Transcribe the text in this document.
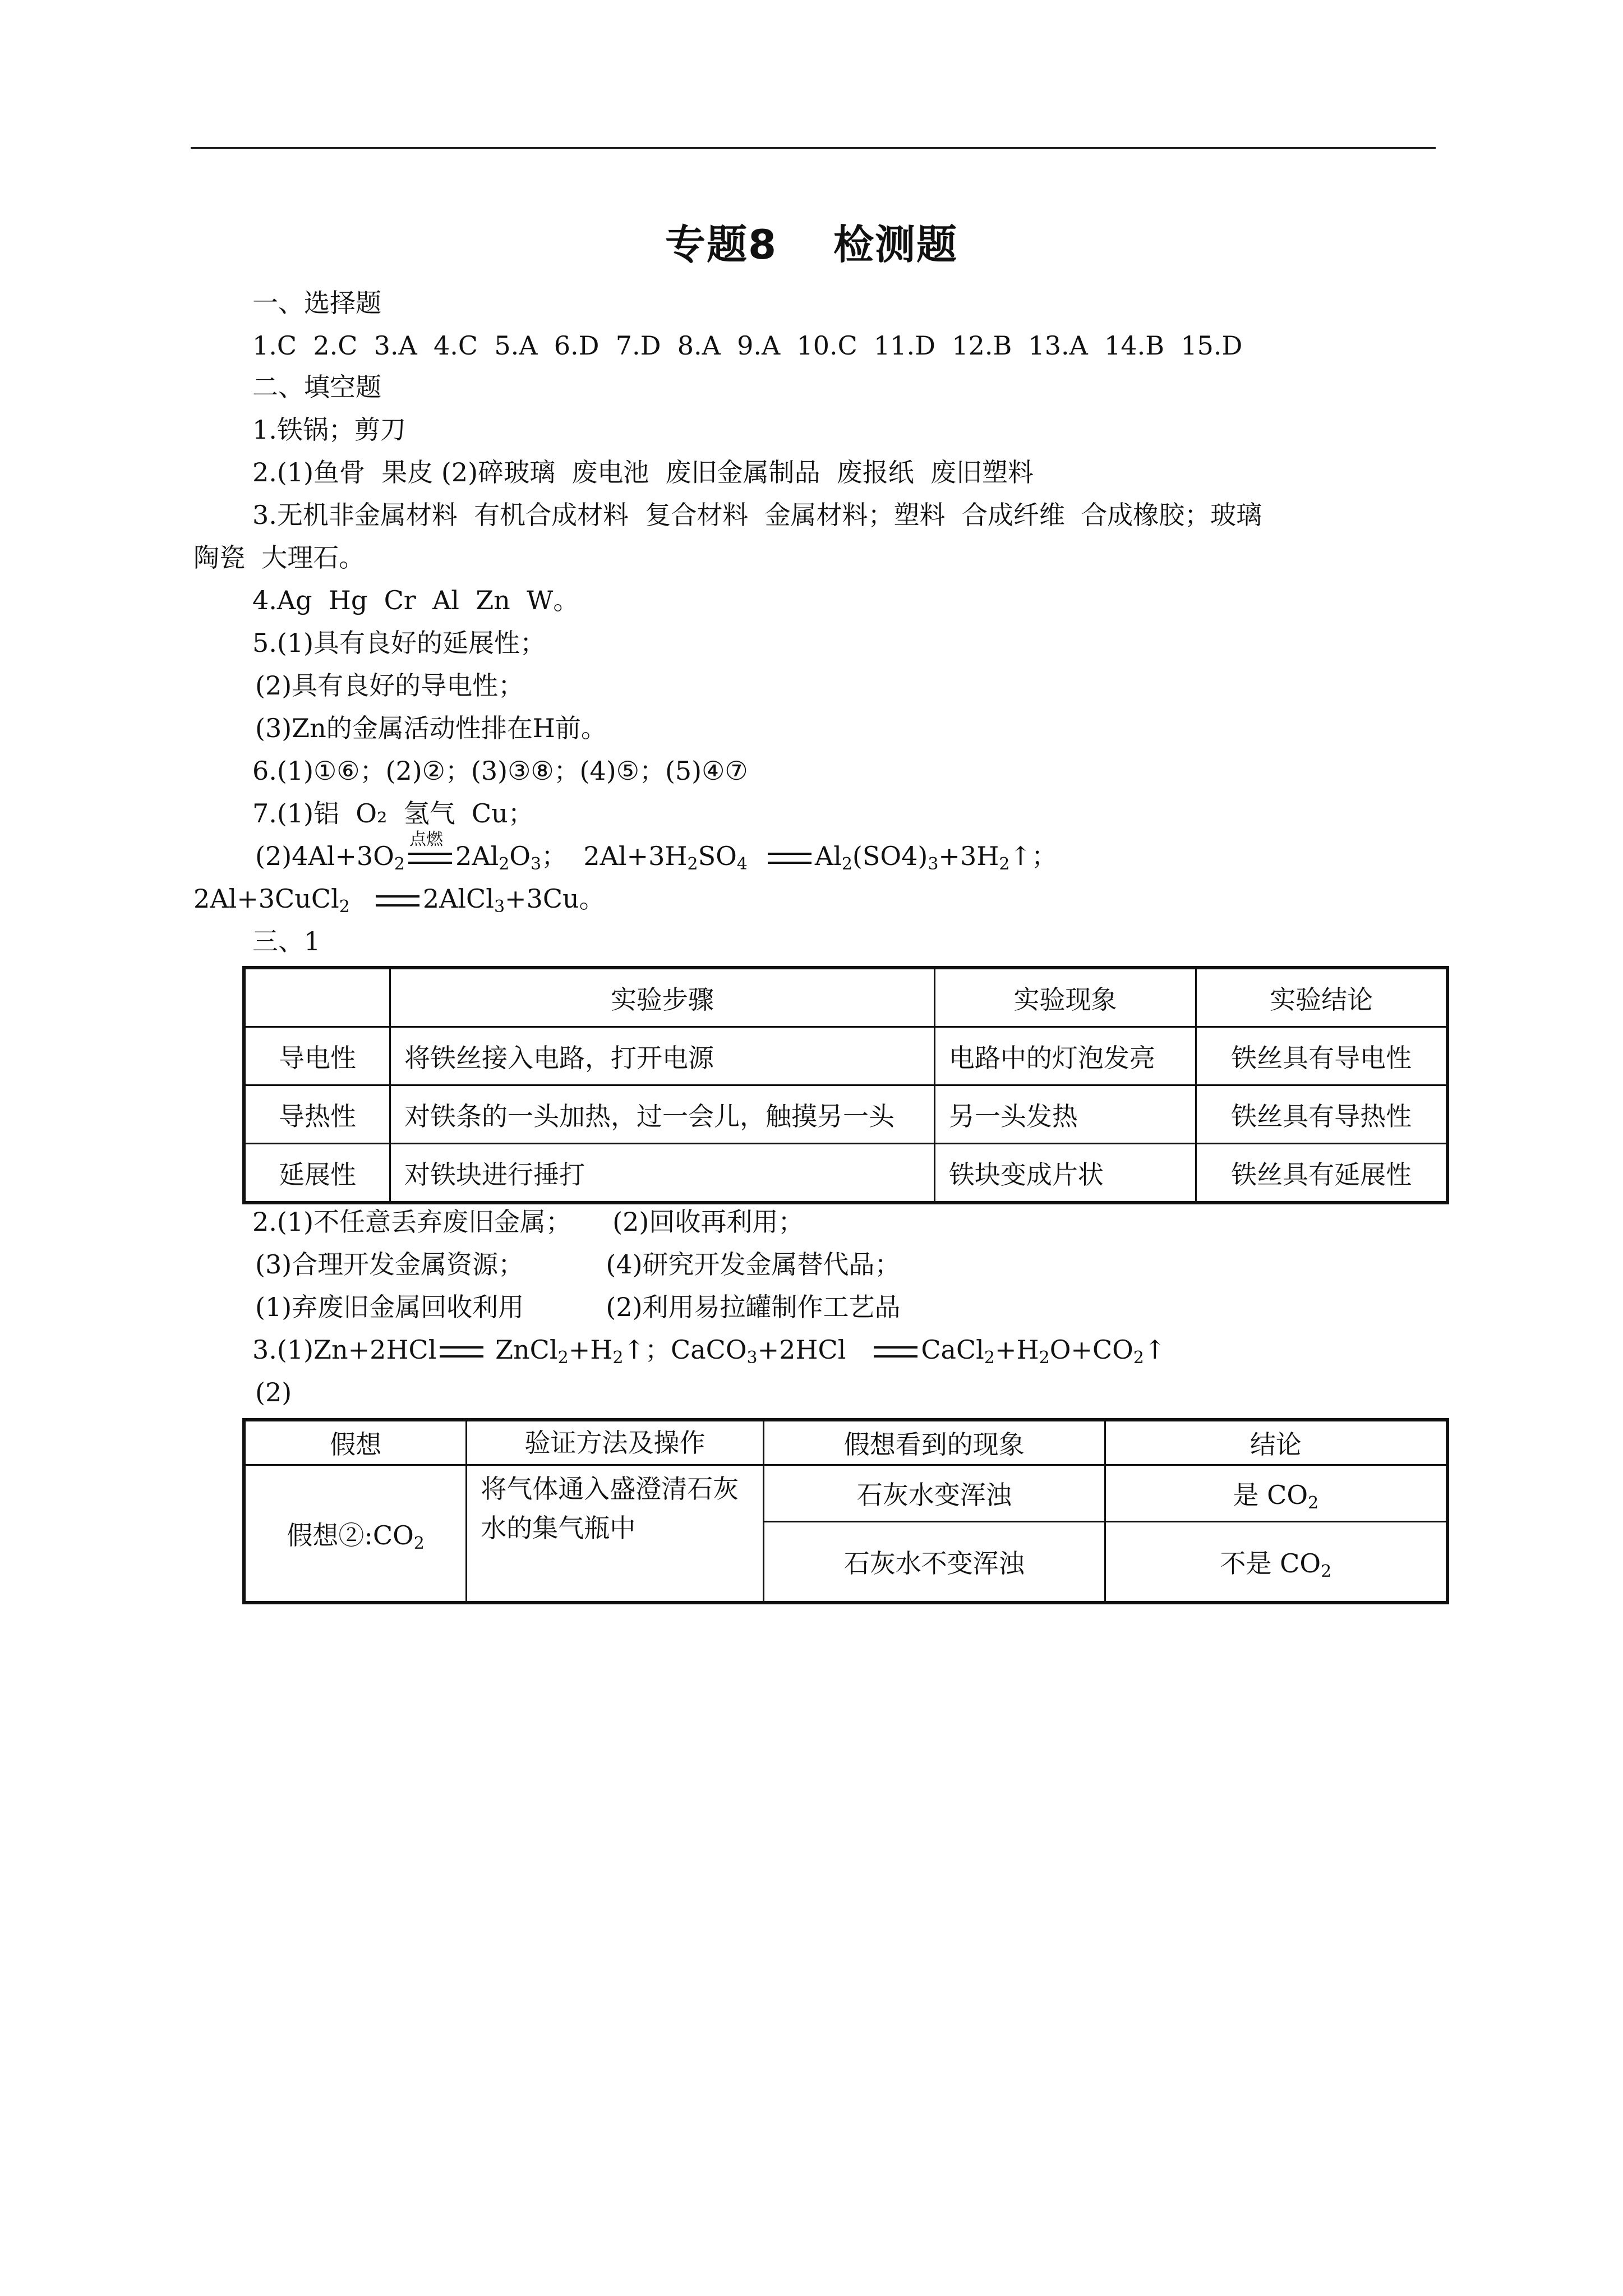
专题8 检测题
一、选择题
1.C  2.C  3.A  4.C  5.A  6.D  7.D  8.A  9.A  10.C  11.D  12.B  13.A  14.B  15.D
二、填空题
1.铁锅；剪刀
2.(1)鱼骨  果皮 (2)碎玻璃  废电池  废旧金属制品  废报纸  废旧塑料
3.无机非金属材料  有机合成材料  复合材料  金属材料；塑料  合成纤维  合成橡胶；玻璃
陶瓷  大理石。
4.Ag  Hg  Cr  Al  Zn  W。
5.(1)具有良好的延展性；
(2)具有良好的导电性；
(3)Zn的金属活动性排在H前。
6.(1)①⑥；(2)②；(3)③⑧；(4)⑤；(5)④⑦
7.(1)铝  O₂  氢气  Cu；
$(2)4Al+3O_2$
点燃
$2Al_2O_3$；  $2Al+3H_2SO_4$	$Al_2(SO4)_3+3H_2↑$；
2Al+3CuCl$_2$	2AlCl$_3$+3Cu。
三、1
	实验步骤	实验现象	实验结论
导电性	将铁丝接入电路，打开电源	电路中的灯泡发亮	铁丝具有导电性
导热性	对铁条的一头加热，过一会儿，触摸另一头	另一头发热	铁丝具有导热性
延展性	对铁块进行捶打	铁块变成片状	铁丝具有延展性
2.(1)不任意丢弃废旧金属；     (2)回收再利用；
(3)合理开发金属资源；          (4)研究开发金属替代品；
(1)弃废旧金属回收利用          (2)利用易拉罐制作工艺品
3.(1)Zn+2HCl $ZnCl_2+H_2↑$；CaCO$_3$+2HCl   $CaCl_2+H_2O+CO_2↑$
(2)
假想	验证方法及操作	假想看到的现象	结论
假想$②:CO_2$	将气体通入盛澄清石灰水的集气瓶中	石灰水变浑浊	是 $CO_2$
		石灰水不变浑浊	不是 $CO_2$
